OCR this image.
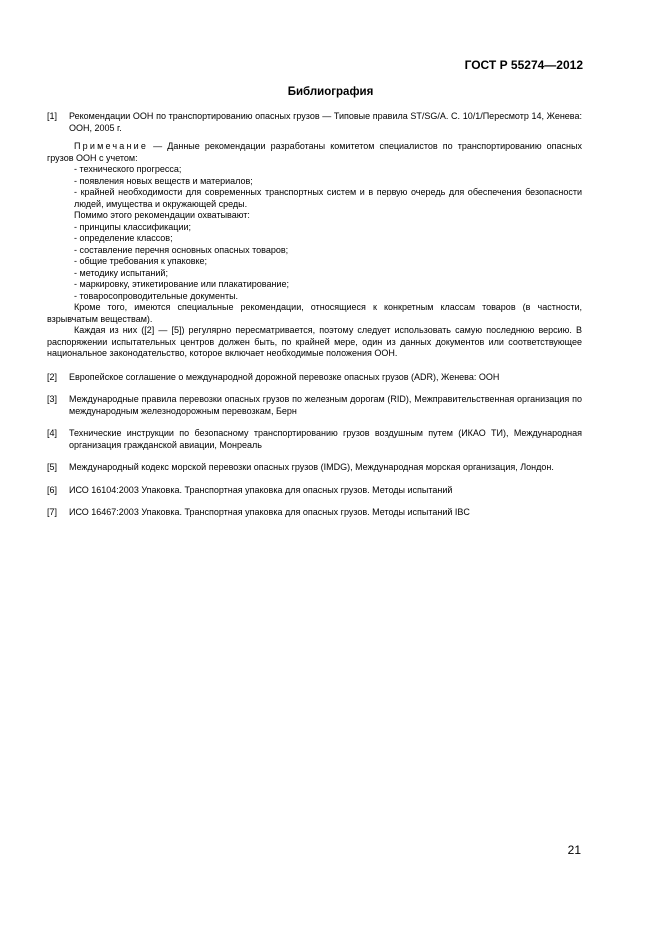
ГОСТ Р 55274—2012
Библиография
[1] Рекомендации ООН по транспортированию опасных грузов — Типовые правила ST/SG/A. C. 10/1/Пересмотр 14, Женева: ООН, 2005 г.

Примечание — Данные рекомендации разработаны комитетом специалистов по транспортированию опасных грузов ООН с учетом:

- технического прогресса;
- появления новых веществ и материалов;
- крайней необходимости для современных транспортных систем и в первую очередь для обеспечения безопасности людей, имущества и окружающей среды.

Помимо этого рекомендации охватывают:

- принципы классификации;
- определение классов;
- составление перечня основных опасных товаров;
- общие требования к упаковке;
- методику испытаний;
- маркировку, этикетирование или плакатирование;
- товаросопроводительные документы.

Кроме того, имеются специальные рекомендации, относящиеся к конкретным классам товаров (в частности, взрывчатым веществам).

Каждая из них ([2] — [5]) регулярно пересматривается, поэтому следует использовать самую последнюю версию. В распоряжении испытательных центров должен быть, по крайней мере, один из данных документов или соответствующее национальное законодательство, которое включает необходимые положения ООН.

[2] Европейское соглашение о международной дорожной перевозке опасных грузов (ADR), Женева: ООН
[3] Международные правила перевозки опасных грузов по железным дорогам (RID), Межправительственная организация по международным железнодорожным перевозкам, Берн
[4] Технические инструкции по безопасному транспортированию грузов воздушным путем (ИКАО ТИ), Международная организация гражданской авиации, Монреаль
[5] Международный кодекс морской перевозки опасных грузов (IMDG), Международная морская организация, Лондон.
[6] ИСО 16104:2003 Упаковка. Транспортная упаковка для опасных грузов. Методы испытаний
[7] ИСО 16467:2003 Упаковка. Транспортная упаковка для опасных грузов. Методы испытаний IBC
21
